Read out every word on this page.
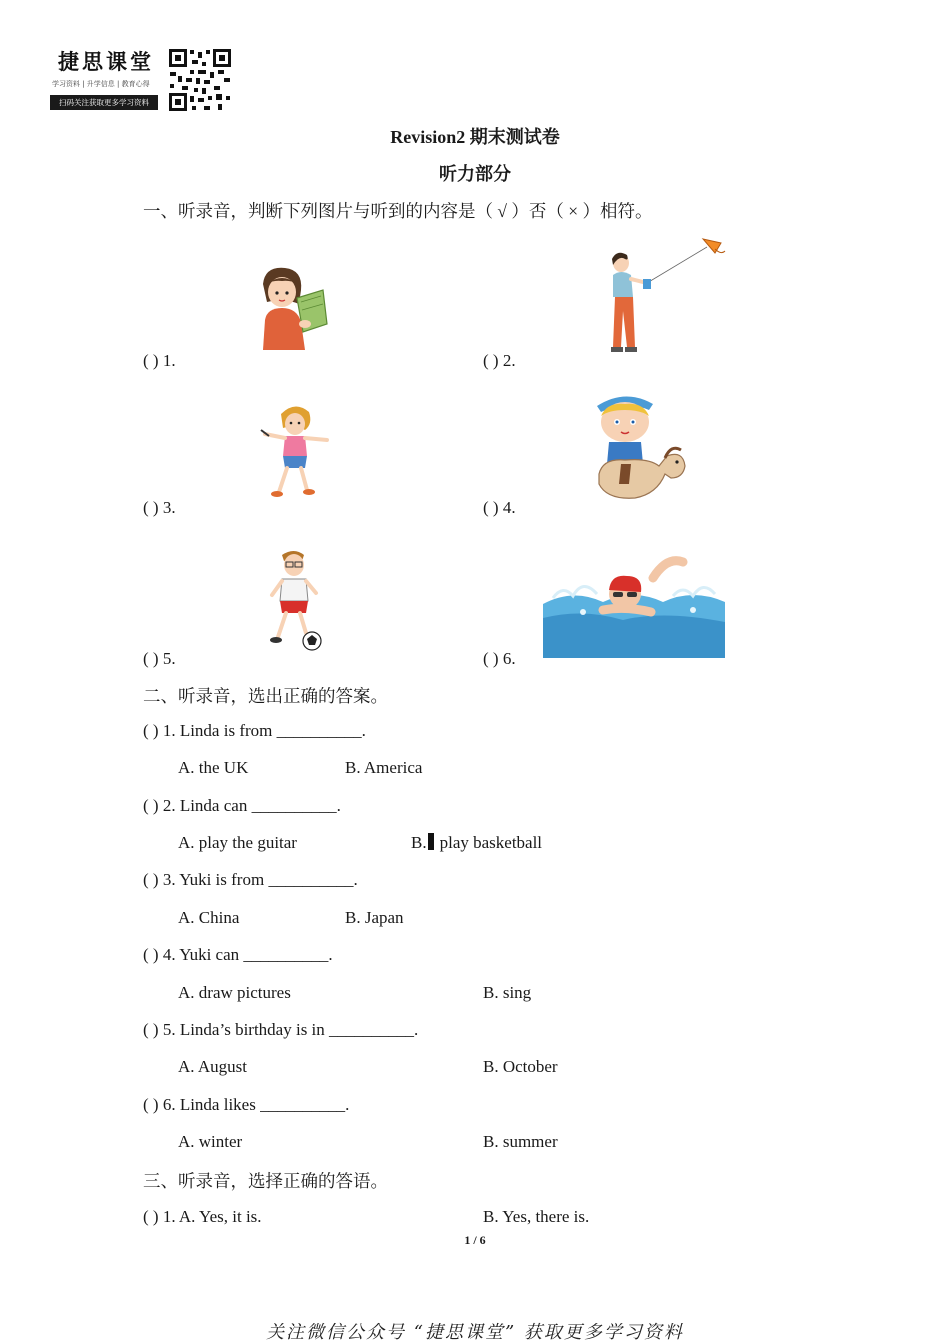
捷思课堂
学习资料 | 升学信息 | 教育心得
扫码关注获取更多学习资料
Revision2 期末测试卷
听力部分
一、听录音，判断下列图片与听到的内容是（ √ ）否（ × ）相符。
( ) 1.	( ) 2.
( ) 3.	( ) 4.
( ) 5.	( ) 6.
二、听录音，选出正确的答案。
( ) 1. Linda is from __________.
A. the UK	B. America
( ) 2. Linda can __________.
A. play the guitar	B. play basketball
( ) 3. Yuki is from __________.
A. China	B. Japan
( ) 4. Yuki can __________.
A. draw pictures	B. sing
( ) 5. Linda’s birthday is in __________.
A. August	B. October
( ) 6. Linda likes __________.
A. winter	B. summer
三、听录音，选择正确的答语。
( ) 1. A. Yes, it is.	B. Yes, there is.
1 / 6
关注微信公众号 “捷思课堂” 获取更多学习资料
